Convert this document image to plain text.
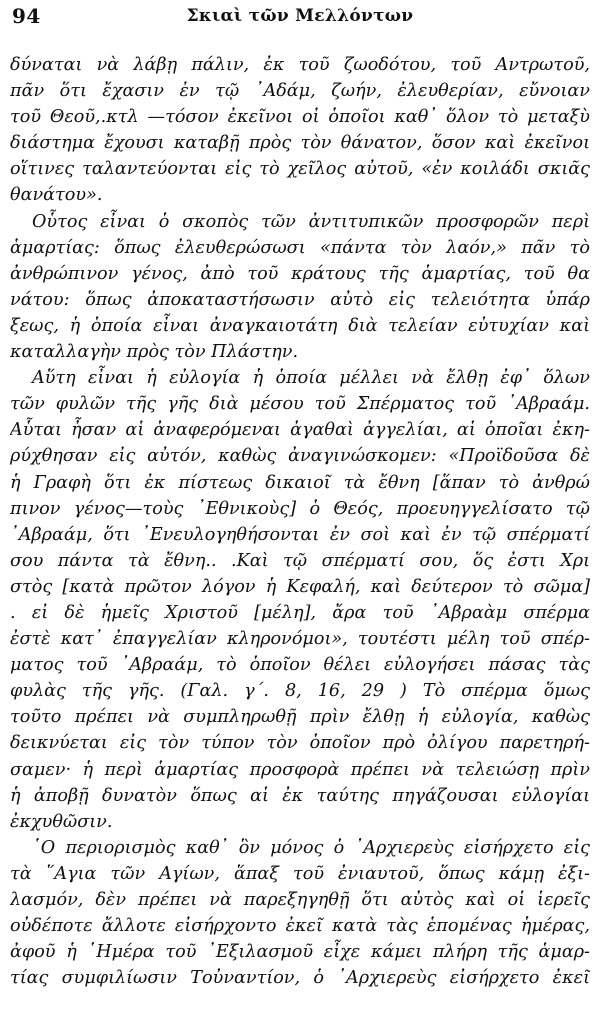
94	Σκιαὶ τῶν Μελλόντων
δύναται νὰ λάβῃ πάλιν, ἐκ τοῦ ζωοδότου, τοῦ Αντρωτοῦ,
πᾶν ὅτι ἔχασιν ἐν τῷ ᾿Αδάμ, ζωήν, ἐλευθερίαν, εὔνοιαν
τοῦ Θεοῦ,.κτλ —τόσον ἐκεῖνοι οἱ ὁποῖοι καθ᾿ ὅλον τὸ μεταξὺ
διάστημα ἔχουσι καταβῇ πρὸς τὸν θάνατον, ὅσον καὶ ἐκεῖνοι
οἵτινες ταλαντεύονται εἰς τὸ χεῖλος αὐτοῦ, «ἐν κοιλάδι σκιᾶς
θανάτου».
Οὗτος εἶναι ὁ σκοπὸς τῶν ἀντιτυπικῶν προσφορῶν περὶ
ἁμαρτίας: ὅπως ἐλευθερώσωσι «πάντα τὸν λαόν,» πᾶν τὸ
ἀνθρώπινον γένος, ἀπὸ τοῦ κράτους τῆς ἁμαρτίας, τοῦ θα
νάτου: ὅπως ἀποκαταστήσωσιν αὐτὸ εἰς τελειότητα ὑπάρ
ξεως, ἡ ὁποία εἶναι ἀναγκαιοτάτη διὰ τελείαν εὐτυχίαν καὶ
καταλλαγὴν πρὸς τὸν Πλάστην.
Αὕτη εἶναι ἡ εὐλογία ἡ ὁποία μέλλει νὰ ἔλθῃ ἐφ᾿ ὅλων
τῶν φυλῶν τῆς γῆς διὰ μέσου τοῦ Σπέρματος τοῦ ᾿Αβραάμ.
Αὗται ἦσαν αἱ ἀναφερόμεναι ἀγαθαὶ ἀγγελίαι, αἱ ὁποῖαι ἐκη-
ρύχθησαν εἰς αὐτόν, καθὼς ἀναγινώσκομεν: «Προϊδοῦσα δὲ
ἡ Γραφὴ ὅτι ἐκ πίστεως δικαιοῖ τὰ ἔθνη [ἅπαν τὸ ἀνθρώ
πινον γένος—τοὺς ᾿Εθνικοὺς] ὁ Θεός, προευηγγελίσατο τῷ
᾿Αβραάμ, ὅτι ᾿Ενευλογηθήσονται ἐν σοὶ καὶ ἐν τῷ σπέρματί
σου πάντα τὰ ἔθνη.. .Καὶ τῷ σπέρματί σου, ὅς ἐστι Χρι
στὸς [κατὰ πρῶτον λόγον ἡ Κεφαλή, καὶ δεύτερον τὸ σῶμα]
. εἰ δὲ ἡμεῖς Χριστοῦ [μέλη], ἄρα τοῦ ᾿Αβραὰμ σπέρμα
ἐστὲ κατ᾿ ἐπαγγελίαν κληρονόμοι», τουτέστι μέλη τοῦ σπέρ-
ματος τοῦ ᾿Αβραάμ, τὸ ὁποῖον θέλει εὐλογήσει πάσας τὰς
φυλὰς τῆς γῆς. (Γαλ. γ΄. 8, 16, 29 ) Τὸ σπέρμα ὅμως
τοῦτο πρέπει νὰ συμπληρωθῇ πρὶν ἔλθῃ ἡ εὐλογία, καθὼς
δεικνύεται εἰς τὸν τύπον τὸν ὁποῖον πρὸ ὀλίγου παρετηρή-
σαμεν· ἡ περὶ ἁμαρτίας προσφορὰ πρέπει νὰ τελειώσῃ πρὶν
ἡ ἀποβῇ δυνατὸν ὅπως αἱ ἐκ ταύτης πηγάζουσαι εὐλογίαι
ἐκχυθῶσιν.
῾Ο περιορισμὸς καθ᾿ ὃν μόνος ὁ ᾿Αρχιερεὺς εἰσήρχετο εἰς
τὰ ῞Αγια τῶν Αγίων, ἅπαξ τοῦ ἐνιαυτοῦ, ὅπως κάμῃ ἐξι-
λασμόν, δὲν πρέπει νὰ παρεξηγηθῇ ὅτι αὐτὸς καὶ οἱ ἱερεῖς
οὐδέποτε ἄλλοτε εἰσήρχοντο ἐκεῖ κατὰ τὰς ἑπομένας ἡμέρας,
ἀφοῦ ἡ ῾Ημέρα τοῦ ᾿Εξιλασμοῦ εἶχε κάμει πλήρη τῆς ἁμαρ-
τίας συμφιλίωσιν Τοὐναντίον, ὁ ᾿Αρχιερεὺς εἰσήρχετο ἐκεῖ
